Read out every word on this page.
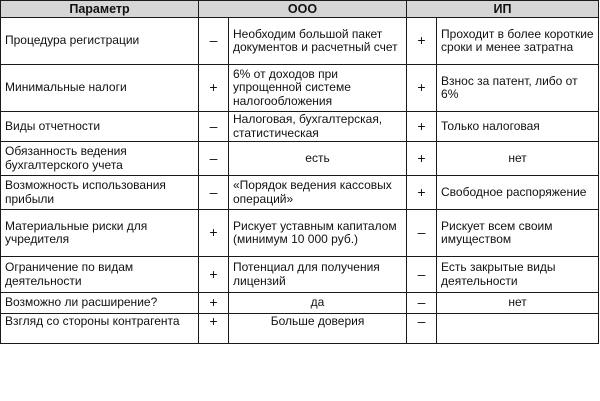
Параметр	ООО		ИП	
Процедура регистрации	–	Необходим большой пакет документов и расчетный счет	+	Проходит в более короткие сроки и менее затратна
Минимальные налоги	+	6% от доходов при упрощенной системе налогообложения	+	Взнос за патент, либо от 6%
Виды отчетности	–	Налоговая, бухгалтерская, статистическая	+	Только налоговая
Обязанность ведения бухгалтерского учета	–	есть	+	нет
Возможность использования прибыли	–	«Порядок ведения кассовых операций»	+	Свободное распоряжение
Материальные риски для учредителя	+	Рискует уставным капиталом (минимум 10 000 руб.)	–	Рискует всем своим имуществом
Ограничение по видам деятельности	+	Потенциал для получения лицензий	–	Есть закрытые виды деятельности
Возможно ли расширение?	+	да	–	нет
Взгляд со стороны контрагента	+	Больше доверия	–	
